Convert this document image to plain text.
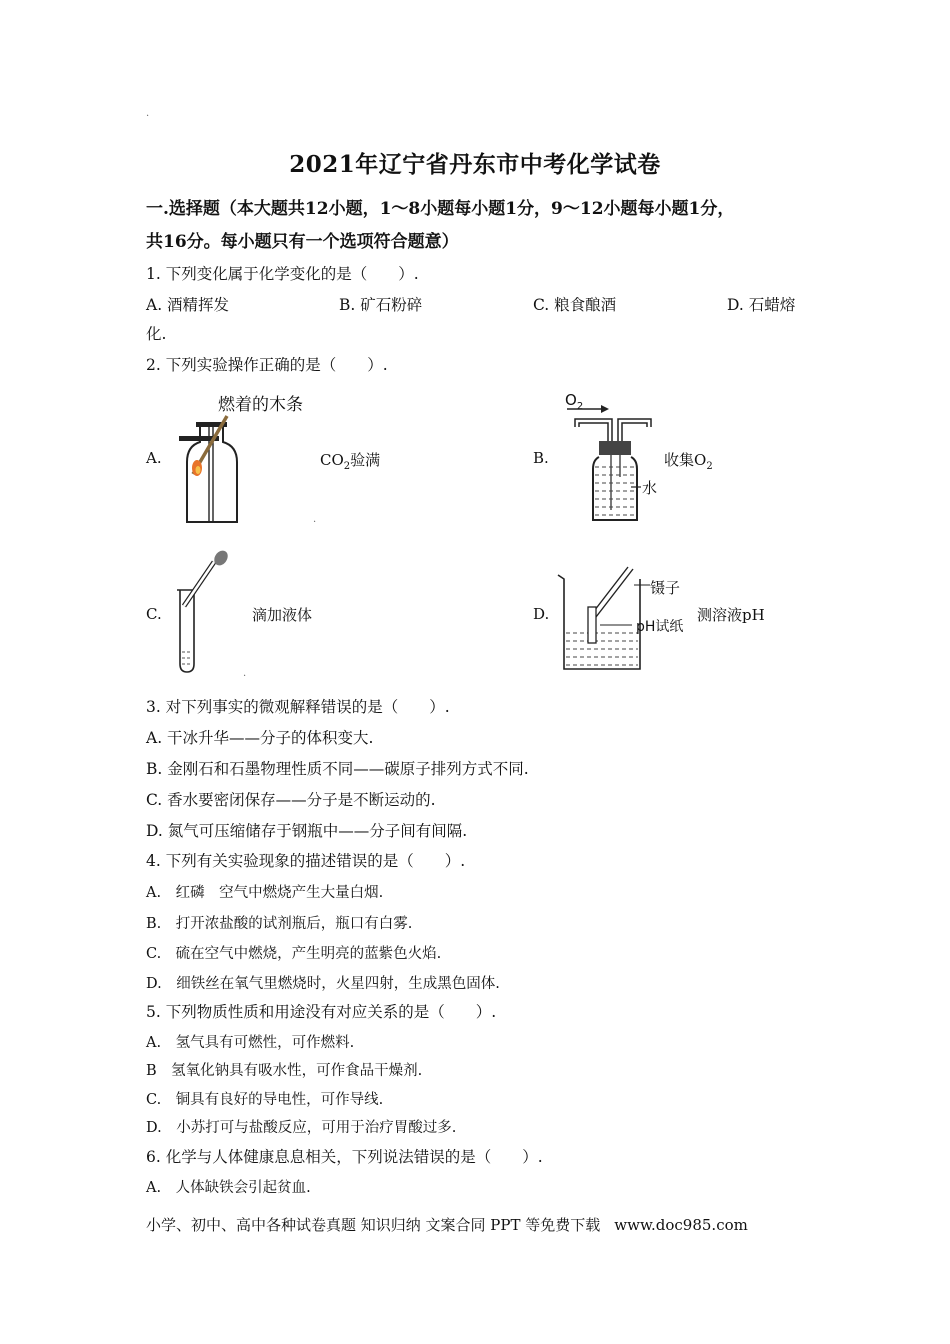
.
2021年辽宁省丹东市中考化学试卷
一.选择题（本大题共12小题，1～8小题每小题1分，9～12小题每小题1分，
共16分。每小题只有一个选项符合题意）
1. 下列变化属于化学变化的是（　　）.
A. 酒精挥发	B. 矿石粉碎	C. 粮食酿酒	D. 石蜡熔
化.
2. 下列实验操作正确的是（　　）.
A.
燃着的木条
$CO_2$验满
.
B.
$O_2$
水
收集$O_2$
C.	滴加液体
.
D.
镊子
pH试纸
测溶液pH
3. 对下列事实的微观解释错误的是（　　）.
A. 干冰升华——分子的体积变大.
B. 金刚石和石墨物理性质不同——碳原子排列方式不同.
C. 香水要密闭保存——分子是不断运动的.
D. 氮气可压缩储存于钢瓶中——分子间有间隔.
4. 下列有关实验现象的描述错误的是（　　）.
A.　红磷　空气中燃烧产生大量白烟.
B.　打开浓盐酸的试剂瓶后，瓶口有白雾.
C.　硫在空气中燃烧，产生明亮的蓝紫色火焰.
D.　细铁丝在氧气里燃烧时，火星四射，生成黑色固体.
5. 下列物质性质和用途没有对应关系的是（　　）.
A.　氢气具有可燃性，可作燃料.
B　氢氧化钠具有吸水性，可作食品干燥剂.
C.　铜具有良好的导电性，可作导线.
D.　小苏打可与盐酸反应，可用于治疗胃酸过多.
6. 化学与人体健康息息相关，下列说法错误的是（　　）.
A.　人体缺铁会引起贫血.
小学、初中、高中各种试卷真题 知识归纳 文案合同 PPT 等免费下载 www.doc985.com
